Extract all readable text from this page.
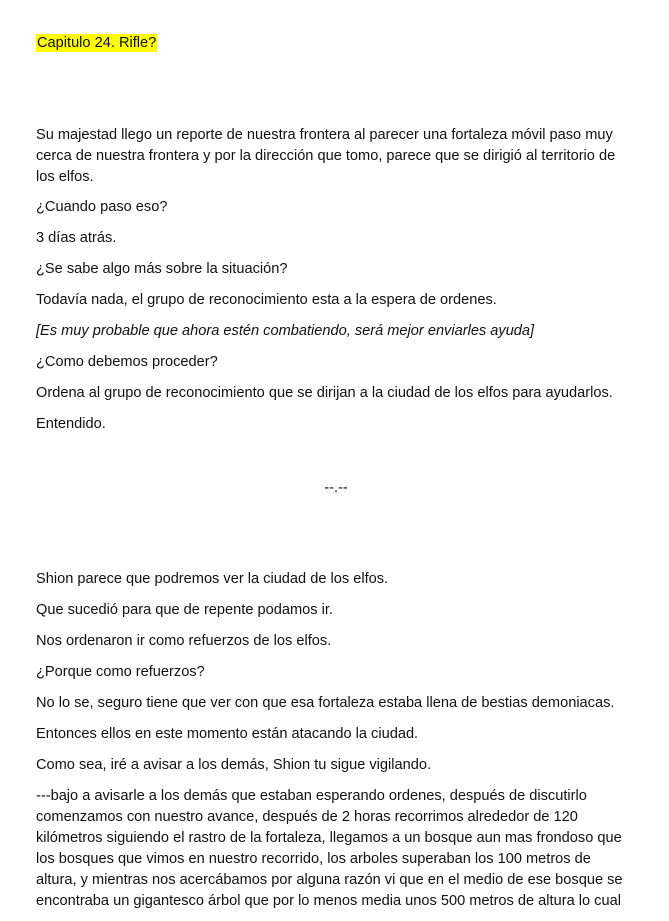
Capitulo 24. Rifle?

Su majestad llego un reporte de nuestra frontera al parecer una fortaleza móvil paso muy
cerca de nuestra frontera y por la dirección que tomo, parece que se dirigió al territorio de
los elfos.

¿Cuando paso eso?

3 días atrás.

¿Se sabe algo más sobre la situación?

Todavía nada, el grupo de reconocimiento esta a la espera de ordenes.

[Es muy probable que ahora estén combatiendo, será mejor enviarles ayuda]

¿Como debemos proceder?

Ordena al grupo de reconocimiento que se dirijan a la ciudad de los elfos para ayudarlos.

Entendido.

--.--

Shion parece que podremos ver la ciudad de los elfos.

Que sucedió para que de repente podamos ir.

Nos ordenaron ir como refuerzos de los elfos.

¿Porque como refuerzos?

No lo se, seguro tiene que ver con que esa fortaleza estaba llena de bestias demoniacas.

Entonces ellos en este momento están atacando la ciudad.

Como sea, iré a avisar a los demás, Shion tu sigue vigilando.

---bajo a avisarle a los demás que estaban esperando ordenes, después de discutirlo
comenzamos con nuestro avance, después de 2 horas recorrimos alrededor de 120
kilómetros siguiendo el rastro de la fortaleza, llegamos a un bosque aun mas frondoso que
los bosques que vimos en nuestro recorrido, los arboles superaban los 100 metros de
altura, y mientras nos acercábamos por alguna razón vi que en el medio de ese bosque se
encontraba un gigantesco árbol que por lo menos media unos 500 metros de altura lo cual
